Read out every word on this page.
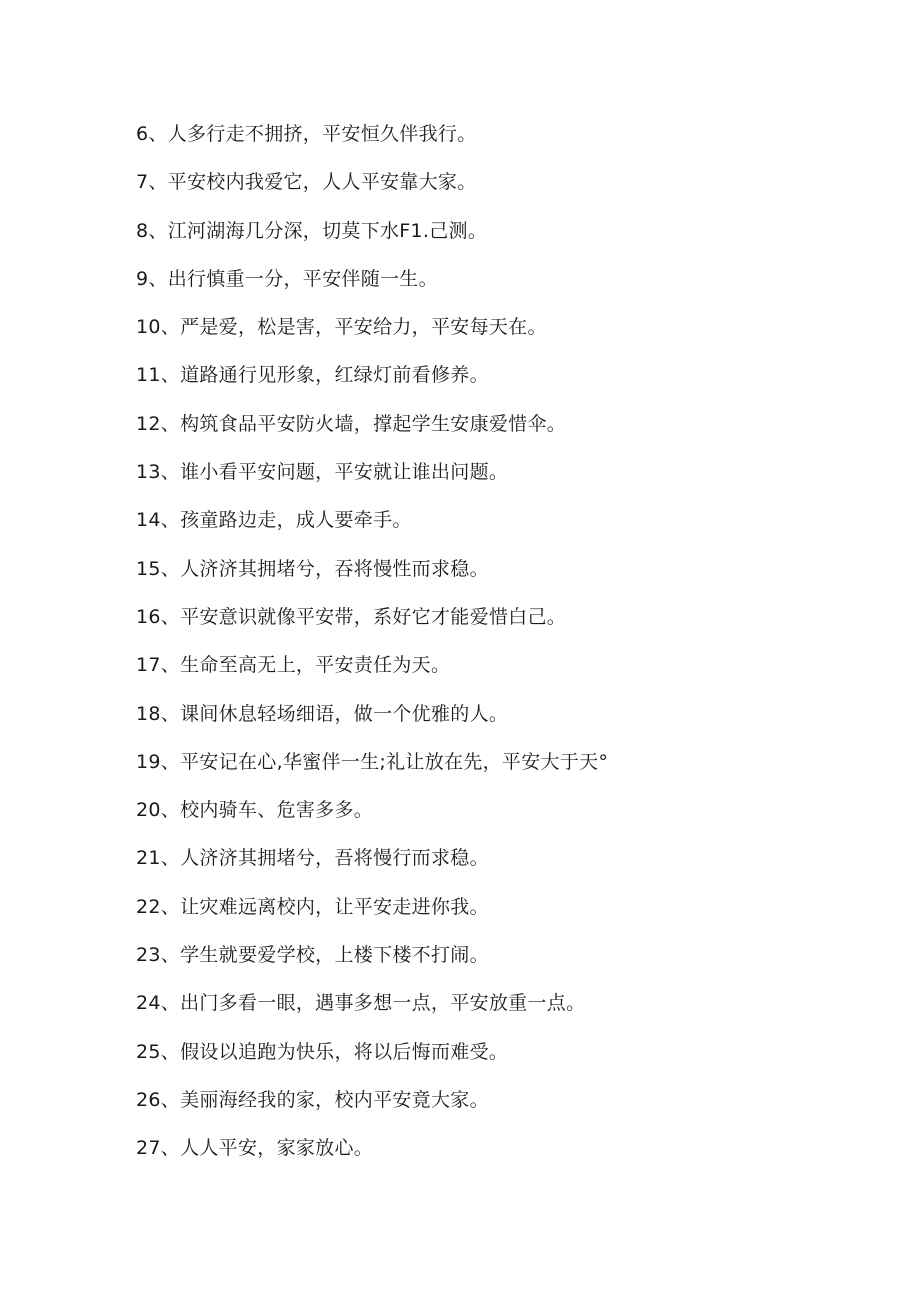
6、人多行走不拥挤，平安恒久伴我行。
7、平安校内我爱它，人人平安靠大家。
8、江河湖海几分深，切莫下水F1.己测。
9、出行慎重一分，平安伴随一生。
10、严是爱，松是害，平安给力，平安每天在。
11、道路通行见形象，红绿灯前看修养。
12、构筑食品平安防火墙，撑起学生安康爱惜伞。
13、谁小看平安问题，平安就让谁出问题。
14、孩童路边走，成人要牵手。
15、人济济其拥堵兮，吞将慢性而求稳。
16、平安意识就像平安带，系好它才能爱惜白己。
17、生命至高无上，平安责任为天。
18、课间休息轻场细语，做一个优雅的人。
19、平安记在心,华蜜伴一生;礼让放在先，平安大于天°
20、校内骑车、危害多多。
21、人济济其拥堵兮，吾将慢行而求稳。
22、让灾难远离校内，让平安走进你我。
23、学生就要爱学校，上楼下楼不打闹。
24、出门多看一眼，遇事多想一点，平安放重一点。
25、假设以追跑为快乐，将以后悔而难受。
26、美丽海经我的家，校内平安竟大家。
27、人人平安，家家放心。
